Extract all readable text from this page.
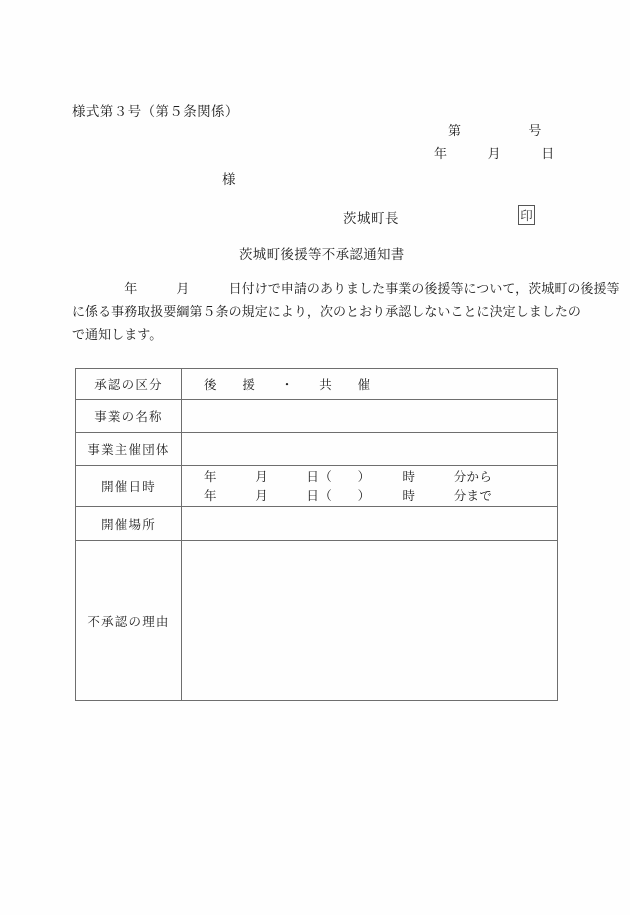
様式第３号（第５条関係）
第　　　　　号
年　　　月　　　日
様

茨城町長

	印

茨城町後援等不承認通知書
　　　　年　　　月　　　日付けで申請のありました事業の後援等について，茨城町の後援等
に係る事務取扱要綱第５条の規定により，次のとおり承認しないことに決定しましたの
で通知します。
承認の区分	後　　援　　・　　共　　催
事業の名称	
事業主催団体	
開催日時	年　　　月　　　日（　　）　　　時　　　分から
年　　　月　　　日（　　）　　　時　　　分まで

開催場所	
不承認の理由	
